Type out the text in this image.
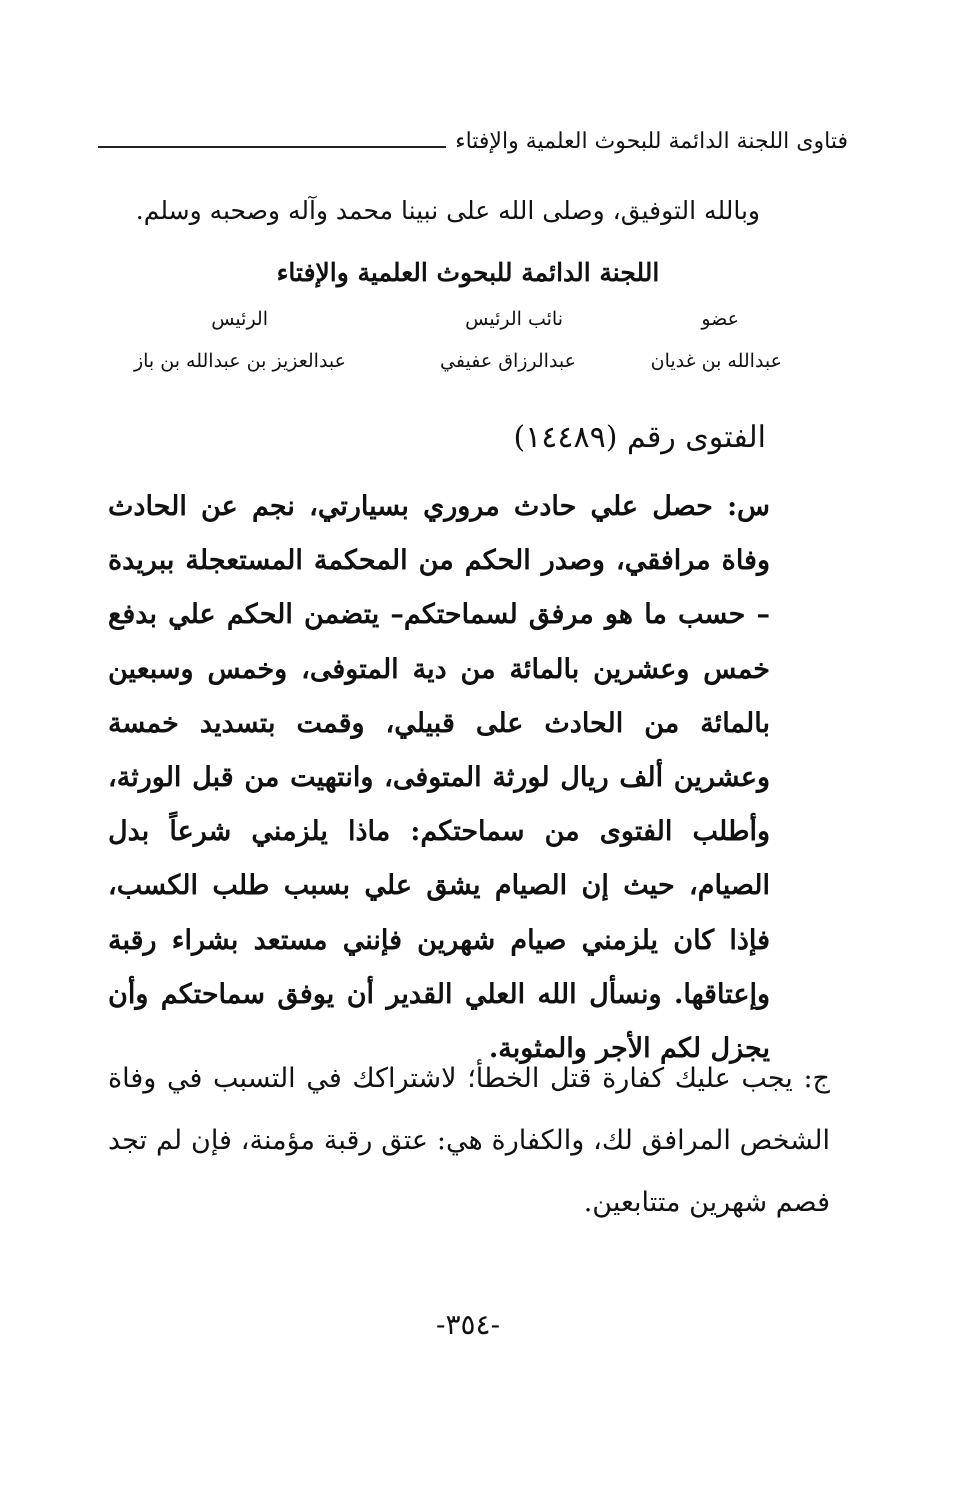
فتاوى اللجنة الدائمة للبحوث العلمية والإفتاء
وبالله التوفيق، وصلى الله على نبينا محمد وآله وصحبه وسلم.
اللجنة الدائمة للبحوث العلمية والإفتاء
عضو
عبدالله بن غديان
نائب الرئيس
عبدالرزاق عفيفي
الرئيس
عبدالعزيز بن عبدالله بن باز
الفتوى رقم (١٤٤٨٩)
س: حصل علي حادث مروري بسيارتي، نجم عن الحادث وفاة مرافقي، وصدر الحكم من المحكمة المستعجلة ببريدة – حسب ما هو مرفق لسماحتكم– يتضمن الحكم علي بدفع خمس وعشرين بالمائة من دية المتوفى، وخمس وسبعين بالمائة من الحادث على قبيلي، وقمت بتسديد خمسة وعشرين ألف ريال لورثة المتوفى، وانتهيت من قبل الورثة، وأطلب الفتوى من سماحتكم: ماذا يلزمني شرعاً بدل الصيام، حيث إن الصيام يشق علي بسبب طلب الكسب، فإذا كان يلزمني صيام شهرين فإنني مستعد بشراء رقبة وإعتاقها. ونسأل الله العلي القدير أن يوفق سماحتكم وأن يجزل لكم الأجر والمثوبة.
ج: يجب عليك كفارة قتل الخطأ؛ لاشتراكك في التسبب في وفاة الشخص المرافق لك، والكفارة هي: عتق رقبة مؤمنة، فإن لم تجد فصم شهرين متتابعين.
-٣٥٤-
